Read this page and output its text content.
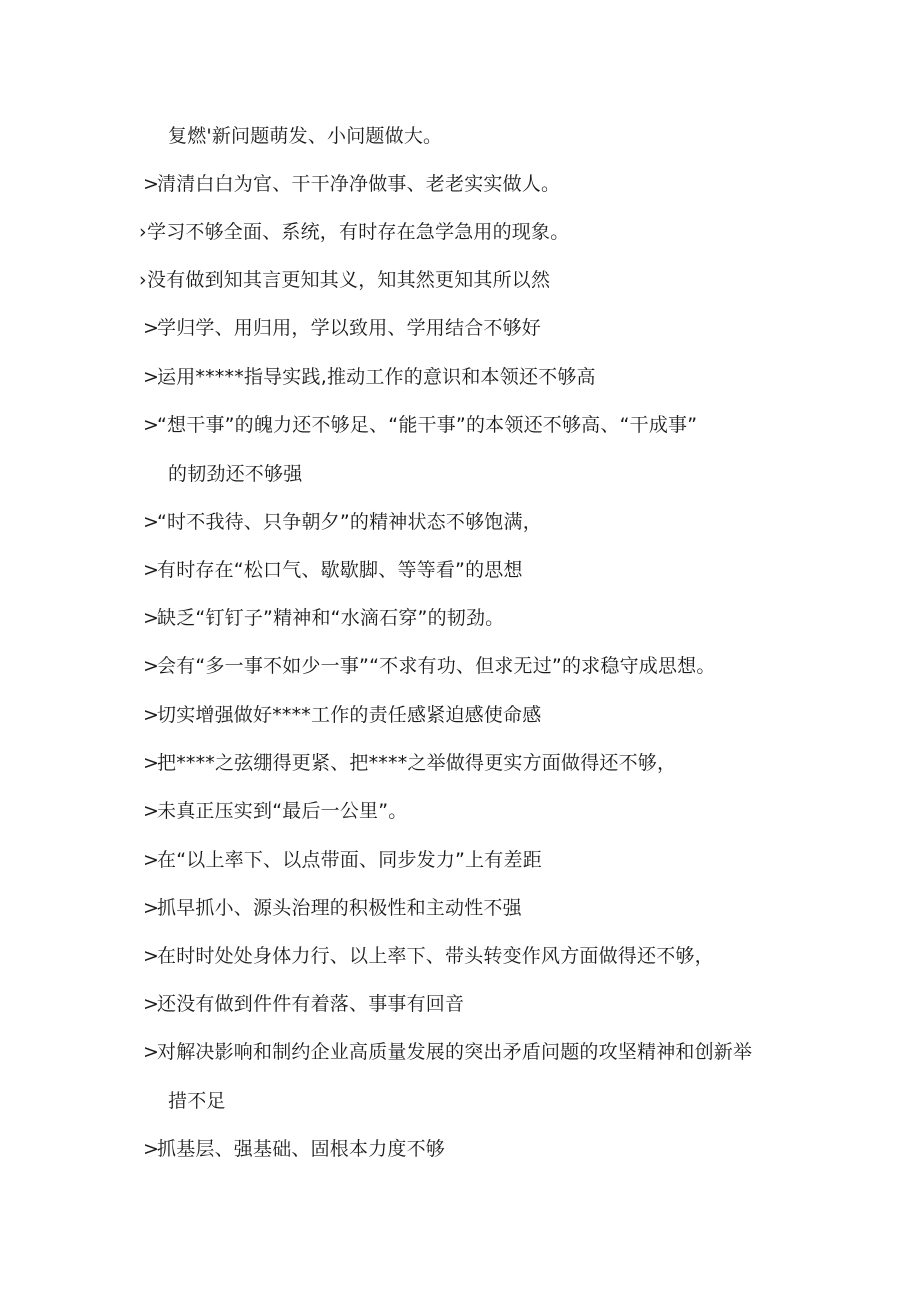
复燃'新问题萌发、小问题做大。
>清清白白为官、干干净净做事、老老实实做人。
›学习不够全面、系统，有时存在急学急用的现象。
›没有做到知其言更知其义，知其然更知其所以然
>学归学、用归用，学以致用、学用结合不够好
>运用*****指导实践,推动工作的意识和本领还不够高
>“想干事”的魄力还不够足、“能干事”的本领还不够高、“干成事”
的韧劲还不够强
>“时不我待、只争朝夕”的精神状态不够饱满，
>有时存在“松口气、歇歇脚、等等看”的思想
>缺乏“钉钉子”精神和“水滴石穿”的韧劲。
>会有“多一事不如少一事”“不求有功、但求无过”的求稳守成思想。
>切实增强做好****工作的责任感紧迫感使命感
>把****之弦绷得更紧、把****之举做得更实方面做得还不够，
>未真正压实到“最后一公里”。
>在“以上率下、以点带面、同步发力”上有差距
>抓早抓小、源头治理的积极性和主动性不强
>在时时处处身体力行、以上率下、带头转变作风方面做得还不够，
>还没有做到件件有着落、事事有回音
>对解决影响和制约企业高质量发展的突出矛盾问题的攻坚精神和创新举
措不足
>抓基层、强基础、固根本力度不够
